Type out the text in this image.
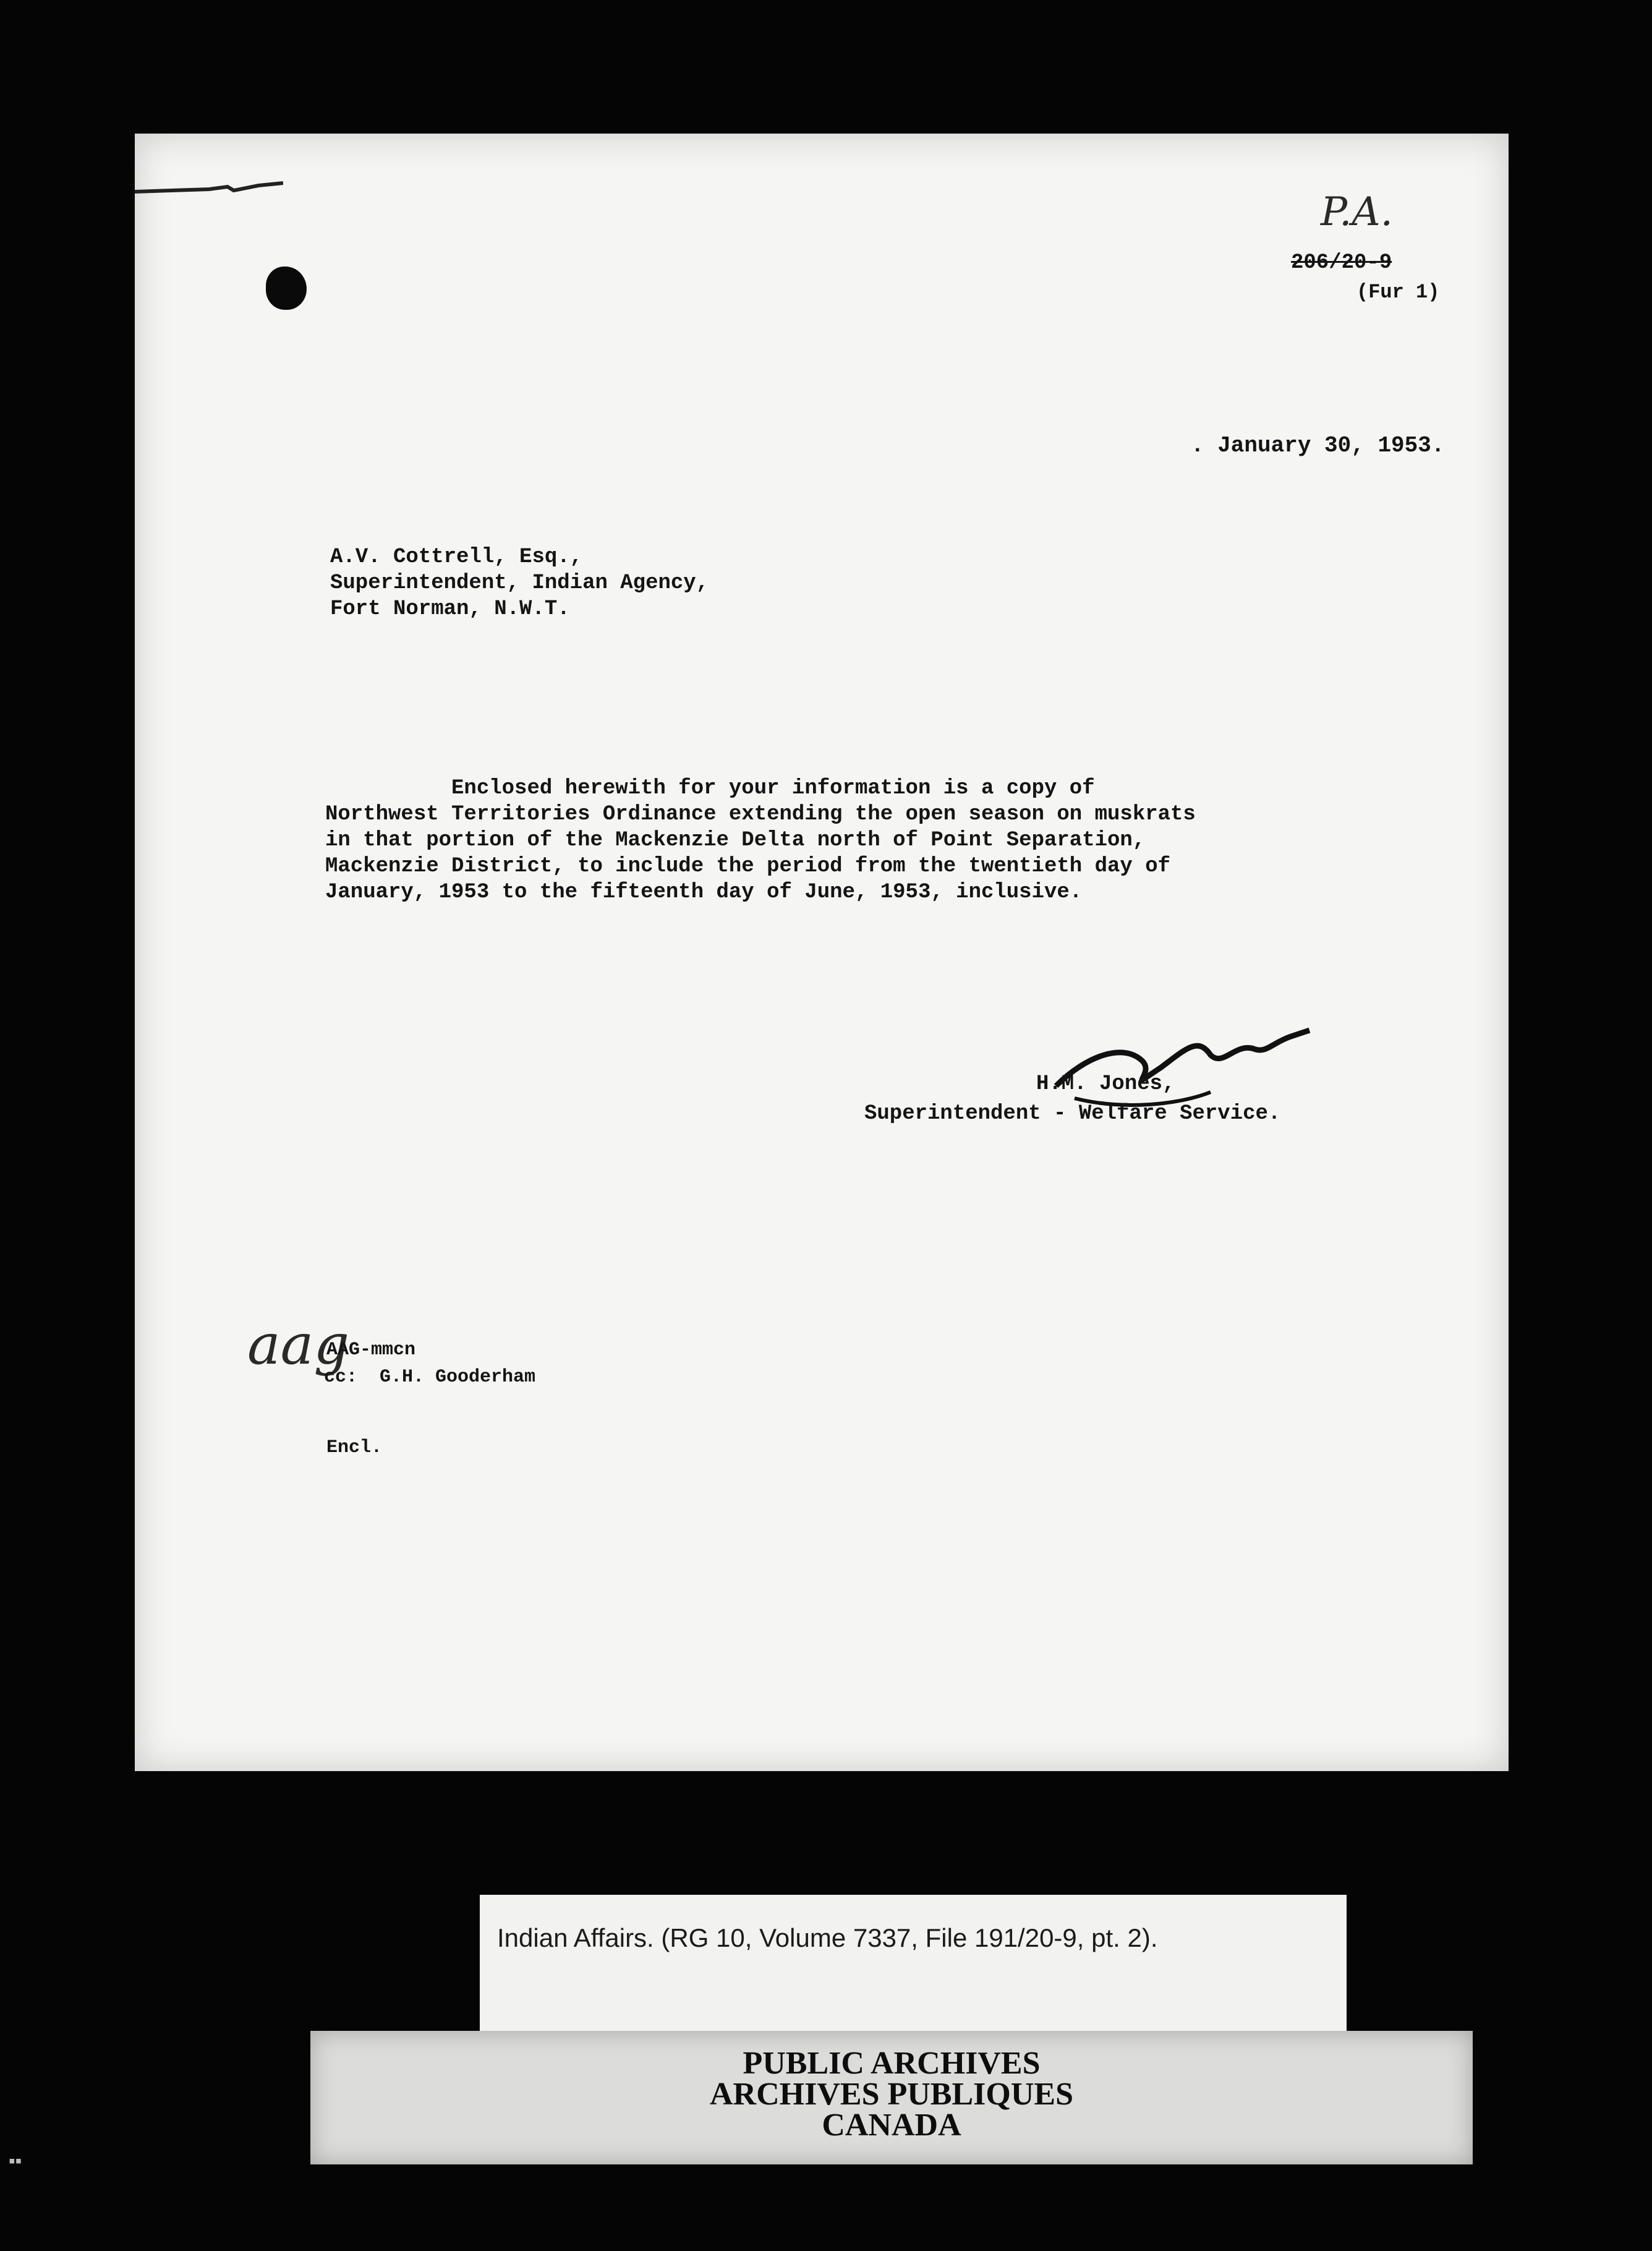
P.A.
206/20-9
(Fur 1)
. January 30, 1953.
A.V. Cottrell, Esq.,
Superintendent, Indian Agency,
Fort Norman, N.W.T.
Enclosed herewith for your information is a copy of
Northwest Territories Ordinance extending the open season on muskrats
in that portion of the Mackenzie Delta north of Point Separation,
Mackenzie District, to include the period from the twentieth day of
January, 1953 to the fifteenth day of June, 1953, inclusive.
H.M. Jones,
Superintendent - Welfare Service.
aag
AAG-mmcn
cc:  G.H. Gooderham
Encl.
Indian Affairs. (RG 10, Volume 7337, File 191/20-9, pt. 2).
PUBLIC ARCHIVES
ARCHIVES PUBLIQUES
CANADA
▪▪
